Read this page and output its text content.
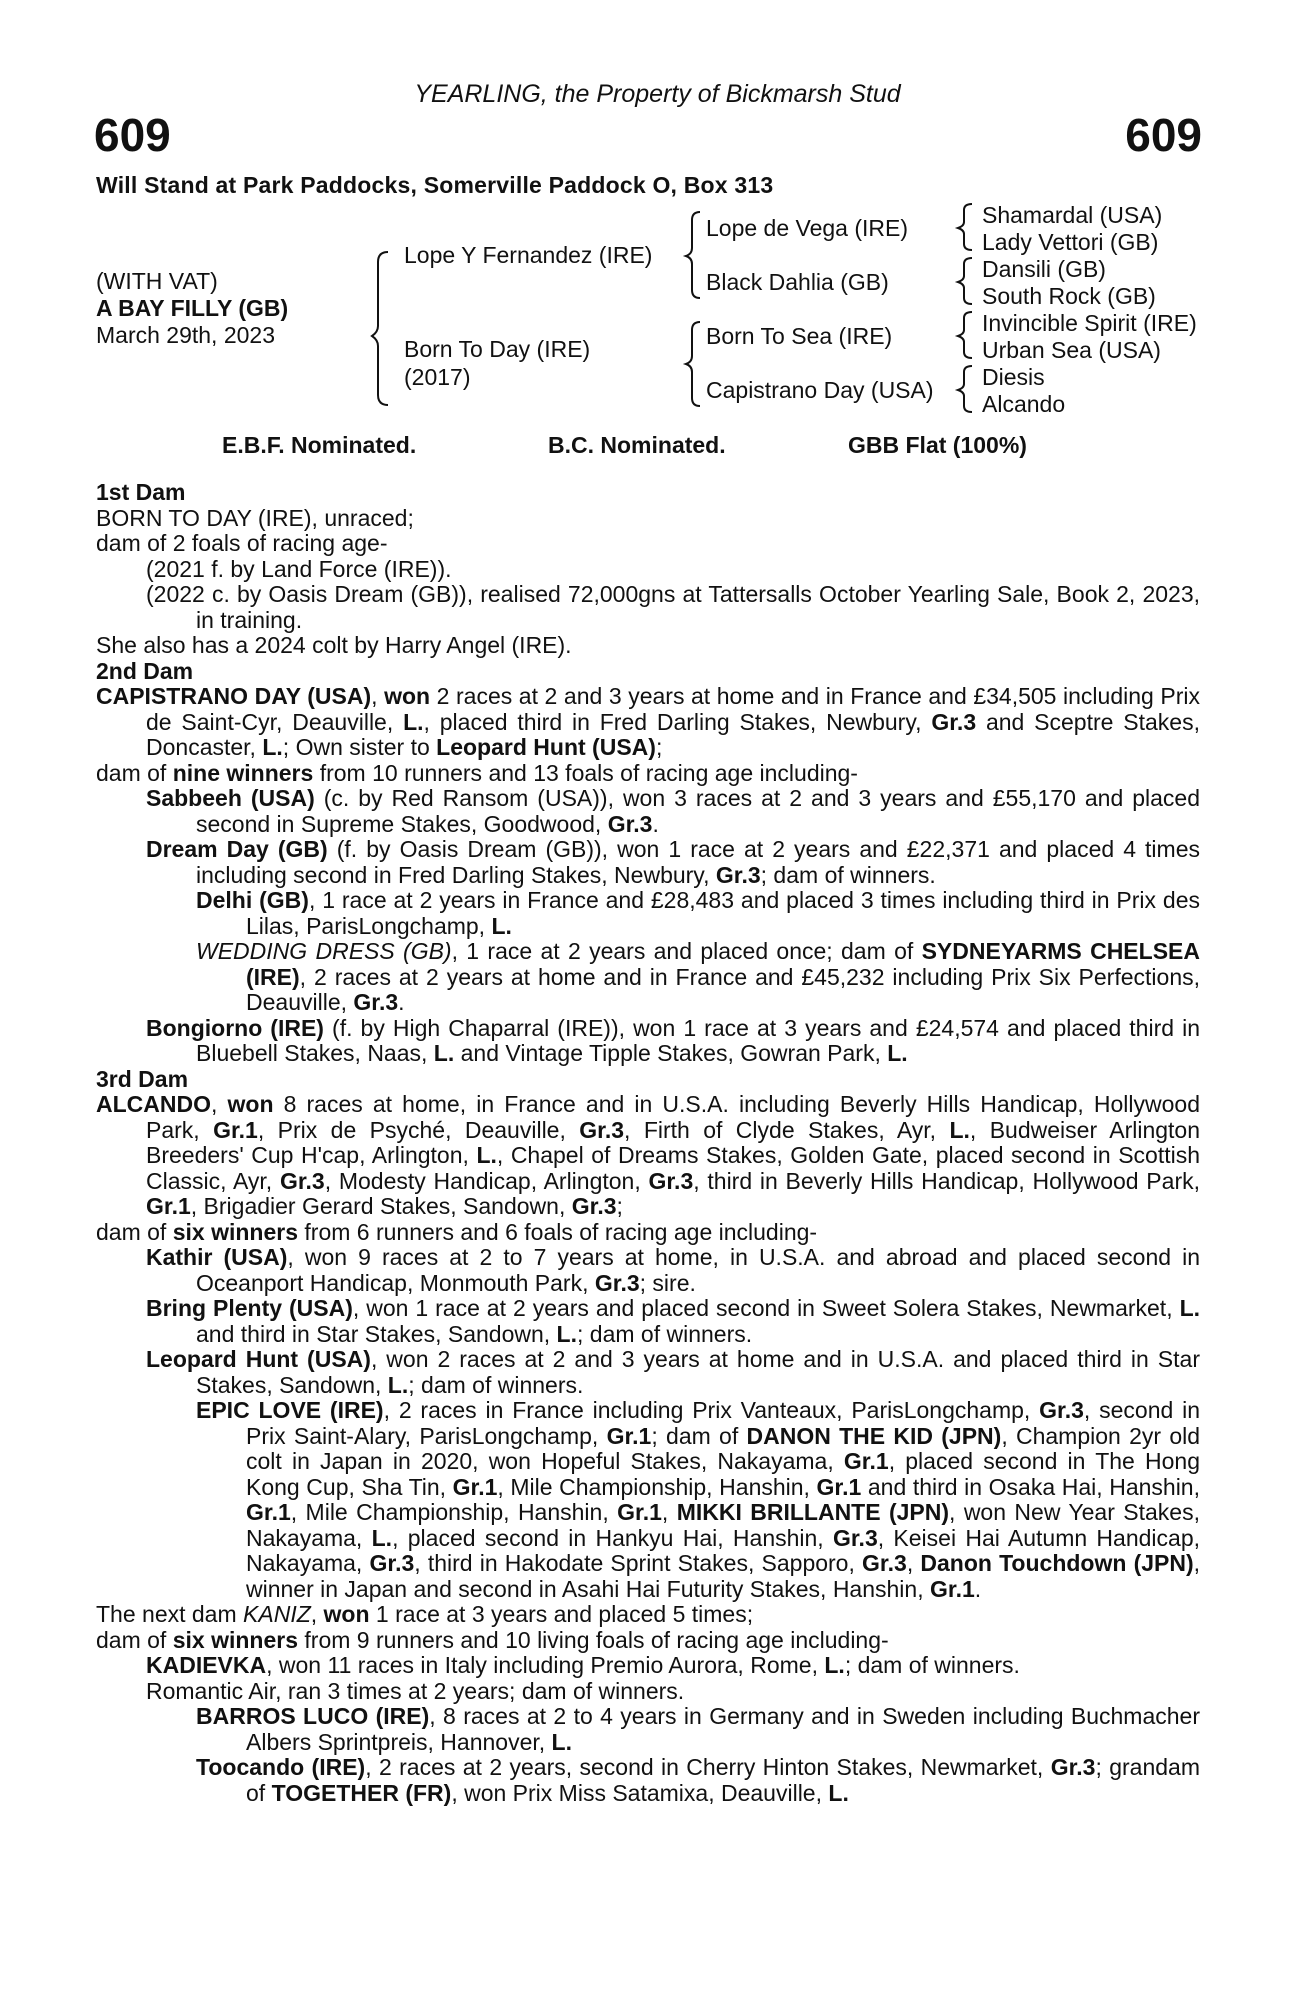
YEARLING, the Property of Bickmarsh Stud
609	609
Will Stand at Park Paddocks, Somerville Paddock O, Box 313
(WITH VAT)
A BAY FILLY (GB)
March 29th, 2023
Lope Y Fernandez (IRE)
Born To Day (IRE)
(2017)
Lope de Vega (IRE)
Black Dahlia (GB)
Born To Sea (IRE)
Capistrano Day (USA)
Shamardal (USA)
Lady Vettori (GB)
Dansili (GB)
South Rock (GB)
Invincible Spirit (IRE)
Urban Sea (USA)
Diesis
Alcando
E.B.F. Nominated.	B.C. Nominated.	GBB Flat (100%)
1st Dam

BORN TO DAY (IRE), unraced;

dam of 2 foals of racing age-

(2021 f. by Land Force (IRE)).

(2022 c. by Oasis Dream (GB)), realised 72,000gns at Tattersalls October Yearling Sale, Book 2, 2023, in training.

She also has a 2024 colt by Harry Angel (IRE).

2nd Dam

CAPISTRANO DAY (USA), won 2 races at 2 and 3 years at home and in France and £34,505 including Prix de Saint-Cyr, Deauville, L., placed third in Fred Darling Stakes, Newbury, Gr.3 and Sceptre Stakes, Doncaster, L.; Own sister to Leopard Hunt (USA);

dam of nine winners from 10 runners and 13 foals of racing age including-

Sabbeeh (USA) (c. by Red Ransom (USA)), won 3 races at 2 and 3 years and £55,170 and placed second in Supreme Stakes, Goodwood, Gr.3.

Dream Day (GB) (f. by Oasis Dream (GB)), won 1 race at 2 years and £22,371 and placed 4 times including second in Fred Darling Stakes, Newbury, Gr.3; dam of winners.

Delhi (GB), 1 race at 2 years in France and £28,483 and placed 3 times including third in Prix des Lilas, ParisLongchamp, L.

WEDDING DRESS (GB), 1 race at 2 years and placed once; dam of SYDNEYARMS CHELSEA (IRE), 2 races at 2 years at home and in France and £45,232 including Prix Six Perfections, Deauville, Gr.3.

Bongiorno (IRE) (f. by High Chaparral (IRE)), won 1 race at 3 years and £24,574 and placed third in Bluebell Stakes, Naas, L. and Vintage Tipple Stakes, Gowran Park, L.

3rd Dam

ALCANDO, won 8 races at home, in France and in U.S.A. including Beverly Hills Handicap, Hollywood Park, Gr.1, Prix de Psyché, Deauville, Gr.3, Firth of Clyde Stakes, Ayr, L., Budweiser Arlington Breeders' Cup H'cap, Arlington, L., Chapel of Dreams Stakes, Golden Gate, placed second in Scottish Classic, Ayr, Gr.3, Modesty Handicap, Arlington, Gr.3, third in Beverly Hills Handicap, Hollywood Park, Gr.1, Brigadier Gerard Stakes, Sandown, Gr.3;

dam of six winners from 6 runners and 6 foals of racing age including-

Kathir (USA), won 9 races at 2 to 7 years at home, in U.S.A. and abroad and placed second in Oceanport Handicap, Monmouth Park, Gr.3; sire.

Bring Plenty (USA), won 1 race at 2 years and placed second in Sweet Solera Stakes, Newmarket, L. and third in Star Stakes, Sandown, L.; dam of winners.

Leopard Hunt (USA), won 2 races at 2 and 3 years at home and in U.S.A. and placed third in Star Stakes, Sandown, L.; dam of winners.

EPIC LOVE (IRE), 2 races in France including Prix Vanteaux, ParisLongchamp, Gr.3, second in Prix Saint-Alary, ParisLongchamp, Gr.1; dam of DANON THE KID (JPN), Champion 2yr old colt in Japan in 2020, won Hopeful Stakes, Nakayama, Gr.1, placed second in The Hong Kong Cup, Sha Tin, Gr.1, Mile Championship, Hanshin, Gr.1 and third in Osaka Hai, Hanshin, Gr.1, Mile Championship, Hanshin, Gr.1, MIKKI BRILLANTE (JPN), won New Year Stakes, Nakayama, L., placed second in Hankyu Hai, Hanshin, Gr.3, Keisei Hai Autumn Handicap, Nakayama, Gr.3, third in Hakodate Sprint Stakes, Sapporo, Gr.3, Danon Touchdown (JPN), winner in Japan and second in Asahi Hai Futurity Stakes, Hanshin, Gr.1.

The next dam KANIZ, won 1 race at 3 years and placed 5 times;

dam of six winners from 9 runners and 10 living foals of racing age including-

KADIEVKA, won 11 races in Italy including Premio Aurora, Rome, L.; dam of winners.

Romantic Air, ran 3 times at 2 years; dam of winners.

BARROS LUCO (IRE), 8 races at 2 to 4 years in Germany and in Sweden including Buchmacher Albers Sprintpreis, Hannover, L.

Toocando (IRE), 2 races at 2 years, second in Cherry Hinton Stakes, Newmarket, Gr.3; grandam of TOGETHER (FR), won Prix Miss Satamixa, Deauville, L.
